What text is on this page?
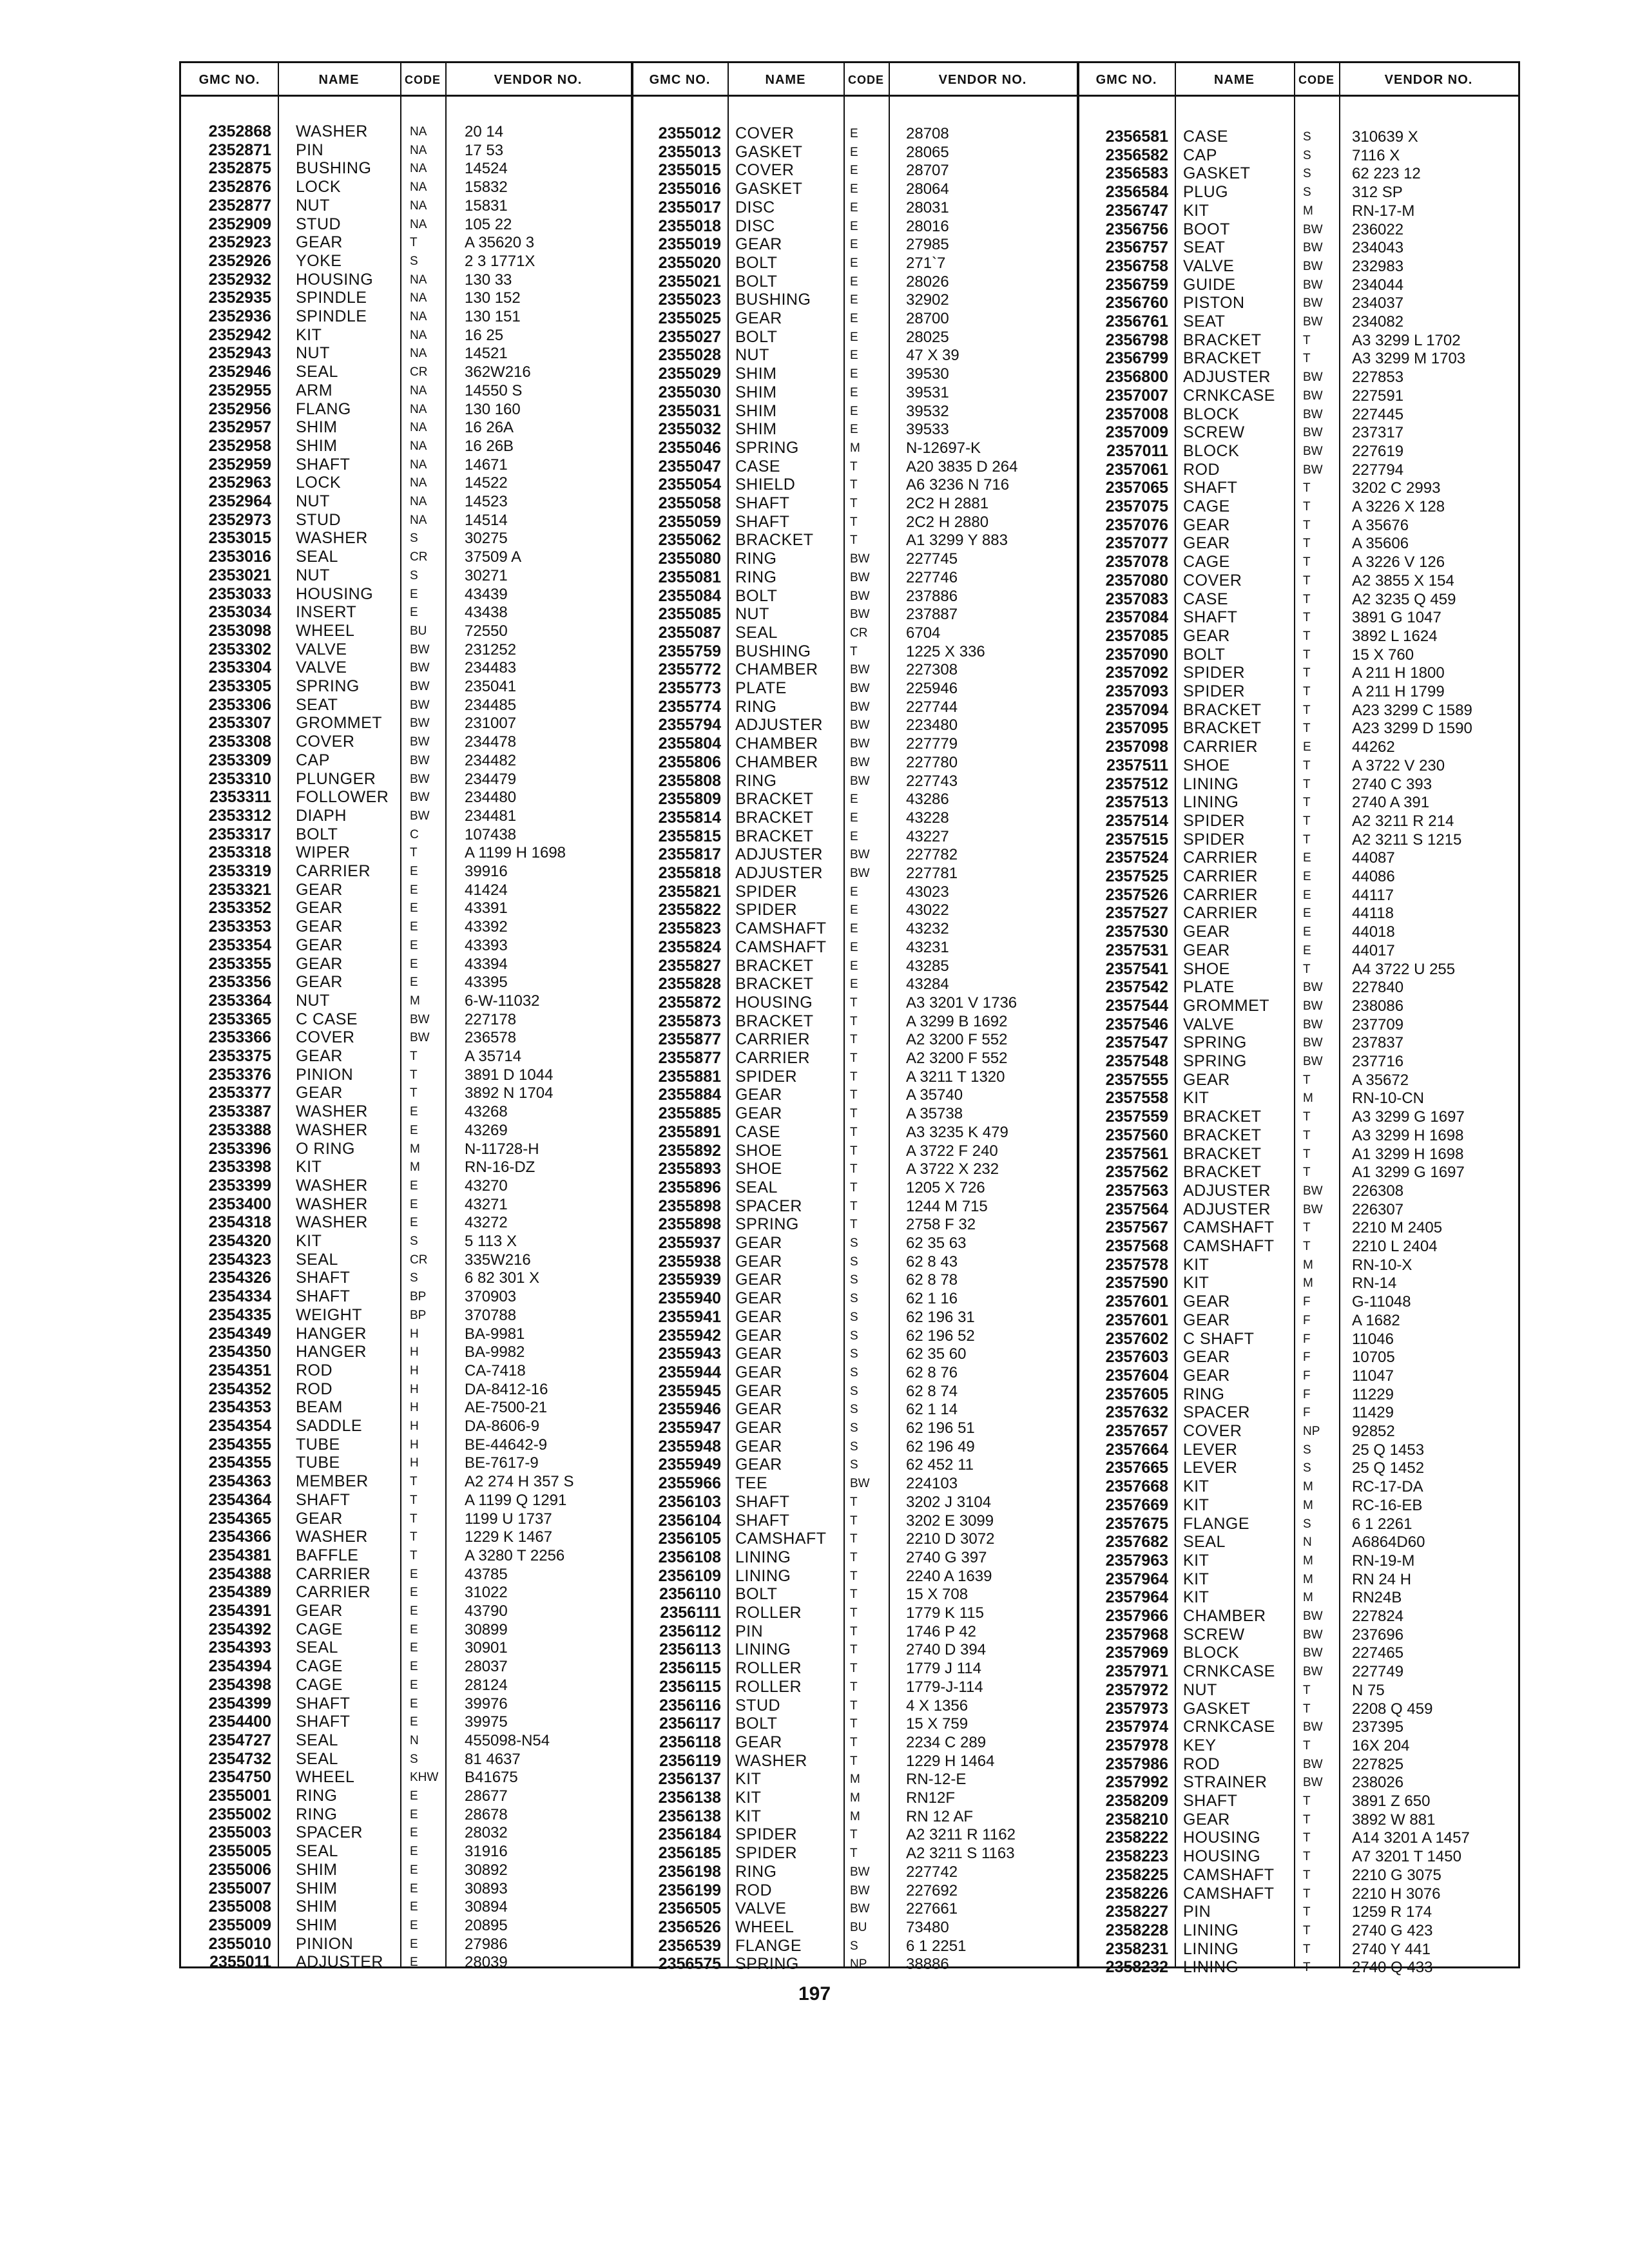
GMC NO.	NAME	CODE	VENDOR NO.	GMC NO.	NAME	CODE	VENDOR NO.	GMC NO.	NAME	CODE	VENDOR NO.
2352868 WASHER	NA 20 14
2352871 PIN	NA 17 53
2352875 BUSHING	NA 14524
2352876 LOCK	NA 15832
2352877 NUT	NA 15831
2352909 STUD	NA 105 22
2352923 GEAR	T	A 35620 3
2352926 YOKE	S	2 3 1771X
2352932 HOUSING	NA 130 33
2352935 SPINDLE	NA 130 152
2352936 SPINDLE	NA 130 151
2352942 KIT	NA 16 25
2352943 NUT	NA 14521
2352946 SEAL	CR 362W216
2352955 ARM	NA 14550 S
2352956 FLANG	NA 130 160
2352957 SHIM	NA 16 26A
2352958 SHIM	NA 16 26B
2352959 SHAFT	NA 14671
2352963 LOCK	NA 14522
2352964 NUT	NA 14523
2352973 STUD	NA 14514
2353015 WASHER	S	30275
2353016 SEAL	CR 37509 A
2353021 NUT	S	30271
2353033 HOUSING	E	43439
2353034 INSERT	E	43438
2353098 WHEEL	BU 72550
2353302 VALVE	BW 231252
2353304 VALVE	BW 234483
2353305 SPRING	BW 235041
2353306 SEAT	BW 234485
2353307 GROMMET BW 231007
2353308 COVER	BW 234478
2353309 CAP	BW 234482
2353310 PLUNGER	BW 234479
2353311 FOLLOWER BW 234480
2353312 DIAPH	BW 234481
2353317 BOLT	C	107438
2353318 WIPER	T	A 1199 H 1698
2353319 CARRIER	E	39916
2353321 GEAR	E	41424
2353352 GEAR	E	43391
2353353 GEAR	E	43392
2353354 GEAR	E	43393
2353355 GEAR	E	43394
2353356 GEAR	E	43395
2353364 NUT	M	6-W-11032
2353365 C CASE	BW 227178
2353366 COVER	BW 236578
2353375 GEAR	T	A 35714
2353376 PINION	T	3891 D 1044
2353377 GEAR	T	3892 N 1704
2353387 WASHER	E	43268
2353388 WASHER	E	43269
2353396 O RING	M	N-11728-H
2353398 KIT	M	RN-16-DZ
2353399 WASHER	E	43270
2353400 WASHER	E	43271
2354318 WASHER	E	43272
2354320 KIT	S	5 113 X
2354323 SEAL	CR 335W216
2354326 SHAFT	S	6 82 301 X
2354334 SHAFT	BP 370903
2354335 WEIGHT	BP 370788
2354349 HANGER	H	BA-9981
2354350 HANGER	H	BA-9982
2354351 ROD	H	CA-7418
2354352 ROD	H	DA-8412-16
2354353 BEAM	H	AE-7500-21
2354354 SADDLE	H	DA-8606-9
2354355 TUBE	H	BE-44642-9
2354355 TUBE	H	BE-7617-9
2354363 MEMBER	T	A2 274 H 357 S
2354364 SHAFT	T	A 1199 Q 1291
2354365 GEAR	T	1199 U 1737
2354366 WASHER	T	1229 K 1467
2354381 BAFFLE	T	A 3280 T 2256
2354388 CARRIER	E	43785
2354389 CARRIER	E	31022
2354391 GEAR	E	43790
2354392 CAGE	E	30899
2354393 SEAL	E	30901
2354394 CAGE	E	28037
2354398 CAGE	E	28124
2354399 SHAFT	E	39976
2354400 SHAFT	E	39975
2354727 SEAL	N	455098-N54
2354732 SEAL	S	81 4637
2354750 WHEEL	KHW B41675
2355001 RING	E	28677
2355002 RING	E	28678
2355003 SPACER	E	28032
2355005 SEAL	E	31916
2355006 SHIM	E	30892
2355007 SHIM	E	30893
2355008 SHIM	E	30894
2355009 SHIM	E	20895
2355010 PINION	E	27986
2355011 ADJUSTER E	28039
2355012 COVER	E	28708
2355013 GASKET	E	28065
2355015 COVER	E	28707
2355016 GASKET	E	28064
2355017 DISC	E	28031
2355018 DISC	E	28016
2355019 GEAR	E	27985
2355020 BOLT	E	271`7
2355021 BOLT	E	28026
2355023 BUSHING	E	32902
2355025 GEAR	E	28700
2355027 BOLT	E	28025
2355028 NUT	E	47 X 39
2355029 SHIM	E	39530
2355030 SHIM	E	39531
2355031 SHIM	E	39532
2355032 SHIM	E	39533
2355046 SPRING	M	N-12697-K
2355047 CASE	T	A20 3835 D 264
2355054 SHIELD	T	A6 3236 N 716
2355058 SHAFT	T	2C2 H 2881
2355059 SHAFT	T	2C2 H 2880
2355062 BRACKET	T	A1 3299 Y 883
2355080 RING	BW 227745
2355081 RING	BW 227746
2355084 BOLT	BW 237886
2355085 NUT	BW 237887
2355087 SEAL	CR 6704
2355759 BUSHING	T	1225 X 336
2355772 CHAMBER	BW 227308
2355773 PLATE	BW 225946
2355774 RING	BW 227744
2355794 ADJUSTER BW 223480
2355804 CHAMBER	BW 227779
2355806 CHAMBER	BW 227780
2355808 RING	BW 227743
2355809 BRACKET	E	43286
2355814 BRACKET	E	43228
2355815 BRACKET	E	43227
2355817 ADJUSTER BW 227782
2355818 ADJUSTER BW 227781
2355821 SPIDER	E	43023
2355822 SPIDER	E	43022
2355823 CAMSHAFT E	43232
2355824 CAMSHAFT E	43231
2355827 BRACKET	E	43285
2355828 BRACKET	E	43284
2355872 HOUSING	T	A3 3201 V 1736
2355873 BRACKET	T	A 3299 B 1692
2355877 CARRIER	T	A2 3200 F 552
2355877 CARRIER	T	A2 3200 F 552
2355881 SPIDER	T	A 3211 T 1320
2355884 GEAR	T	A 35740
2355885 GEAR	T	A 35738
2355891 CASE	T	A3 3235 K 479
2355892 SHOE	T	A 3722 F 240
2355893 SHOE	T	A 3722 X 232
2355896 SEAL	T	1205 X 726
2355898 SPACER	T	1244 M 715
2355898 SPRING	T	2758 F 32
2355937 GEAR	S	62 35 63
2355938 GEAR	S	62 8 43
2355939 GEAR	S	62 8 78
2355940 GEAR	S	62 1 16
2355941 GEAR	S	62 196 31
2355942 GEAR	S	62 196 52
2355943 GEAR	S	62 35 60
2355944 GEAR	S	62 8 76
2355945 GEAR	S	62 8 74
2355946 GEAR	S	62 1 14
2355947 GEAR	S	62 196 51
2355948 GEAR	S	62 196 49
2355949 GEAR	S	62 452 11
2355966 TEE	BW 224103
2356103 SHAFT	T	3202 J 3104
2356104 SHAFT	T	3202 E 3099
2356105 CAMSHAFT T	2210 D 3072
2356108 LINING	T	2740 G 397
2356109 LINING	T	2240 A 1639
2356110 BOLT	T	15 X 708
2356111 ROLLER	T	1779 K 115
2356112 PIN	T	1746 P 42
2356113 LINING	T	2740 D 394
2356115 ROLLER	T	1779 J 114
2356115 ROLLER	T	1779-J-114
2356116 STUD	T	4 X 1356
2356117 BOLT	T	15 X 759
2356118 GEAR	T	2234 C 289
2356119 WASHER	T	1229 H 1464
2356137 KIT	M	RN-12-E
2356138 KIT	M	RN12F
2356138 KIT	M	RN 12 AF
2356184 SPIDER	T	A2 3211 R 1162
2356185 SPIDER	T	A2 3211 S 1163
2356198 RING	BW 227742
2356199 ROD	BW 227692
2356505 VALVE	BW 227661
2356526 WHEEL	BU	73480
2356539 FLANGE	S	6 1 2251
2356575 SPRING	NP	38886
2356581 CASE	S	310639 X
2356582 CAP	S	7116 X
2356583 GASKET	S	62 223 12
2356584 PLUG	S	312 SP
2356747 KIT	M	RN-17-M
2356756 BOOT	BW 236022
2356757 SEAT	BW 234043
2356758 VALVE	BW 232983
2356759 GUIDE	BW 234044
2356760 PISTON	BW 234037
2356761 SEAT	BW 234082
2356798 BRACKET	T	A3 3299 L 1702
2356799 BRACKET	T	A3 3299 M 1703
2356800 ADJUSTER	BW 227853
2357007 CRNKCASE BW 227591
2357008 BLOCK	BW 227445
2357009 SCREW	BW 237317
2357011 BLOCK	BW 227619
2357061 ROD	BW 227794
2357065 SHAFT	T	3202 C 2993
2357075 CAGE	T	A 3226 X 128
2357076 GEAR	T	A 35676
2357077 GEAR	T	A 35606
2357078 CAGE	T	A 3226 V 126
2357080 COVER	T	A2 3855 X 154
2357083 CASE	T	A2 3235 Q 459
2357084 SHAFT	T	3891 G 1047
2357085 GEAR	T	3892 L 1624
2357090 BOLT	T	15 X 760
2357092 SPIDER	T	A 211 H 1800
2357093 SPIDER	T	A 211 H 1799
2357094 BRACKET	T	A23 3299 C 1589
2357095 BRACKET	T	A23 3299 D 1590
2357098 CARRIER	E	44262
2357511 SHOE	T	A 3722 V 230
2357512 LINING	T	2740 C 393
2357513 LINING	T	2740 A 391
2357514 SPIDER	T	A2 3211 R 214
2357515 SPIDER	T	A2 3211 S 1215
2357524 CARRIER	E	44087
2357525 CARRIER	E	44086
2357526 CARRIER	E	44117
2357527 CARRIER	E	44118
2357530 GEAR	E	44018
2357531 GEAR	E	44017
2357541 SHOE	T	A4 3722 U 255
2357542 PLATE	BW 227840
2357544 GROMMET	BW 238086
2357546 VALVE	BW 237709
2357547 SPRING	BW 237837
2357548 SPRING	BW 237716
2357555 GEAR	T	A 35672
2357558 KIT	M	RN-10-CN
2357559 BRACKET	T	A3 3299 G 1697
2357560 BRACKET	T	A3 3299 H 1698
2357561 BRACKET	T	A1 3299 H 1698
2357562 BRACKET	T	A1 3299 G 1697
2357563 ADJUSTER	BW 226308
2357564 ADJUSTER	BW 226307
2357567 CAMSHAFT T	2210 M 2405
2357568 CAMSHAFT T	2210 L 2404
2357578 KIT	M	RN-10-X
2357590 KIT	M	RN-14
2357601 GEAR	F	G-11048
2357601 GEAR	F	A 1682
2357602 C SHAFT	F	11046
2357603 GEAR	F	10705
2357604 GEAR	F	11047
2357605 RING	F	11229
2357632 SPACER	F	11429
2357657 COVER	NP 92852
2357664 LEVER	S	25 Q 1453
2357665 LEVER	S	25 Q 1452
2357668 KIT	M	RC-17-DA
2357669 KIT	M	RC-16-EB
2357675 FLANGE	S	6 1 2261
2357682 SEAL	N	A6864D60
2357963 KIT	M	RN-19-M
2357964 KIT	M	RN 24 H
2357964 KIT	M	RN24B
2357966 CHAMBER	BW 227824
2357968 SCREW	BW 237696
2357969 BLOCK	BW 227465
2357971 CRNKCASE BW 227749
2357972 NUT	T	N 75
2357973 GASKET	T	2208 Q 459
2357974 CRNKCASE BW 237395
2357978 KEY	T	16X 204
2357986 ROD	BW 227825
2357992 STRAINER	BW 238026
2358209 SHAFT	T	3891 Z 650
2358210 GEAR	T	3892 W 881
2358222 HOUSING	T	A14 3201 A 1457
2358223 HOUSING	T	A7 3201 T 1450
2358225 CAMSHAFT T	2210 G 3075
2358226 CAMSHAFT T	2210 H 3076
2358227 PIN	T	1259 R 174
2358228 LINING	T	2740 G 423
2358231 LINING	T	2740 Y 441
2358232 LINING	T	2740 Q 433
197
